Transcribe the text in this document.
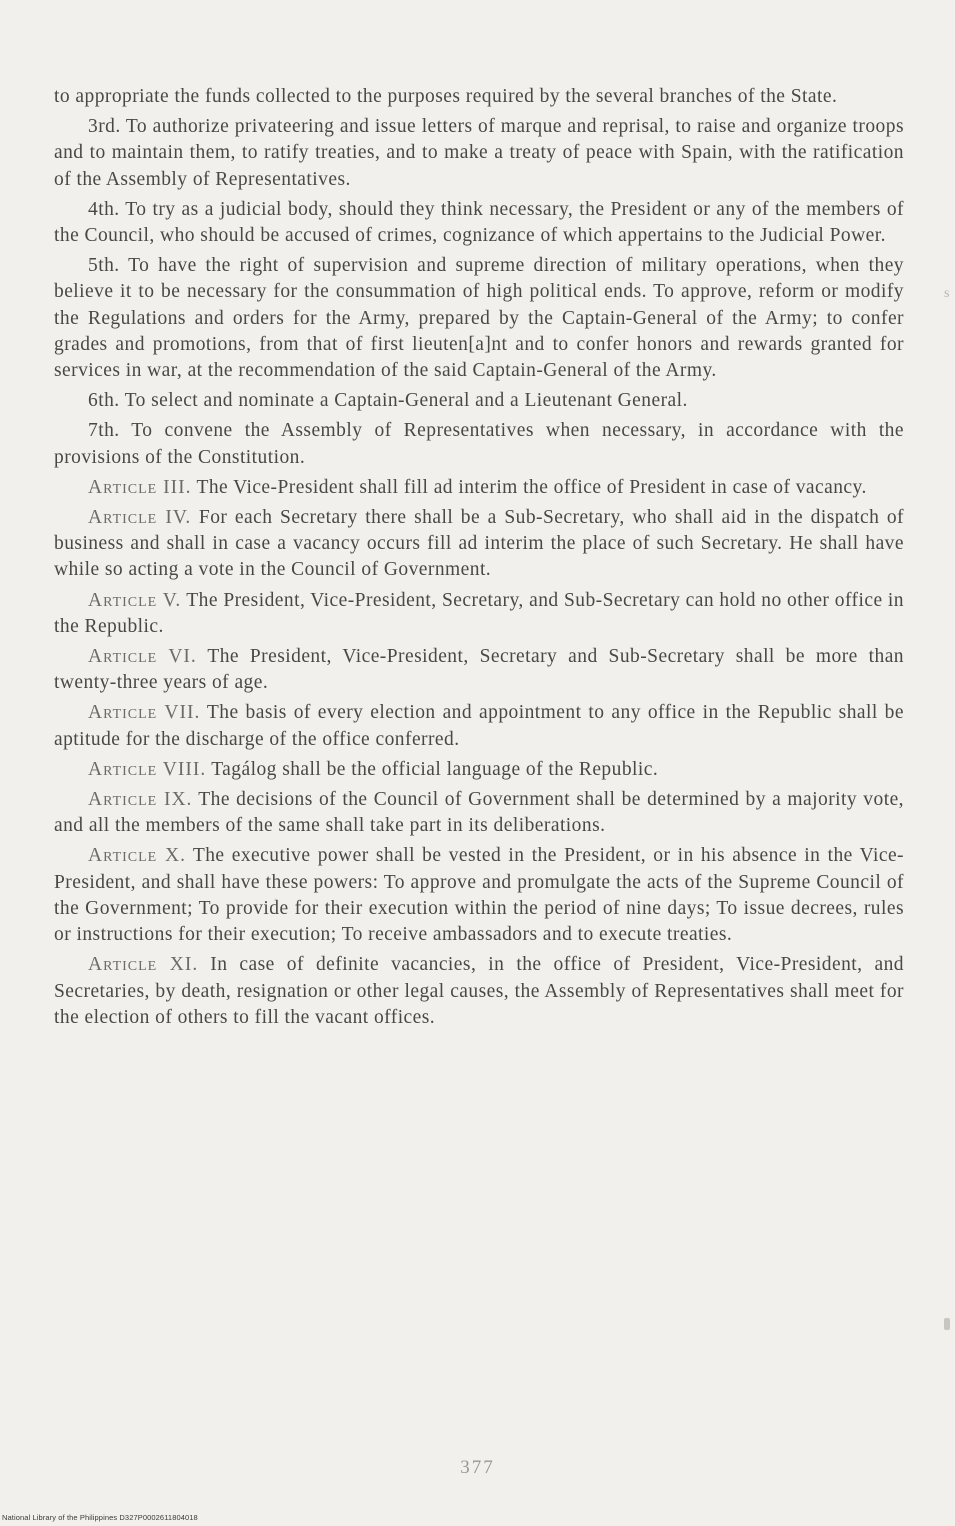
to appropriate the funds collected to the purposes required by the several branches of the State.

3rd. To authorize privateering and issue letters of marque and reprisal, to raise and organize troops and to maintain them, to ratify treaties, and to make a treaty of peace with Spain, with the ratification of the Assembly of Representatives.

4th. To try as a judicial body, should they think necessary, the President or any of the members of the Council, who should be accused of crimes, cognizance of which appertains to the Judicial Power.

5th. To have the right of supervision and supreme direction of military operations, when they believe it to be necessary for the consummation of high political ends. To approve, reform or modify the Regulations and orders for the Army, prepared by the Captain-General of the Army; to confer grades and promotions, from that of first lieuten[a]nt and to confer honors and rewards granted for services in war, at the recommendation of the said Captain-General of the Army.

6th. To select and nominate a Captain-General and a Lieutenant General.

7th. To convene the Assembly of Representatives when necessary, in accordance with the provisions of the Constitution.

Article III. The Vice-President shall fill ad interim the office of President in case of vacancy.

Article IV. For each Secretary there shall be a Sub-Secretary, who shall aid in the dispatch of business and shall in case a vacancy occurs fill ad interim the place of such Secretary. He shall have while so acting a vote in the Council of Government.

Article V. The President, Vice-President, Secretary, and Sub-Secretary can hold no other office in the Republic.

Article VI. The President, Vice-President, Secretary and Sub-Secretary shall be more than twenty-three years of age.

Article VII. The basis of every election and appointment to any office in the Republic shall be aptitude for the discharge of the office conferred.

Article VIII. Tagálog shall be the official language of the Republic.

Article IX. The decisions of the Council of Government shall be determined by a majority vote, and all the members of the same shall take part in its deliberations.

Article X. The executive power shall be vested in the President, or in his absence in the Vice-President, and shall have these powers: To approve and promulgate the acts of the Supreme Council of the Government; To provide for their execution within the period of nine days; To issue decrees, rules or instructions for their execution; To receive ambassadors and to execute treaties.

Article XI. In case of definite vacancies, in the office of President, Vice-President, and Secretaries, by death, resignation or other legal causes, the Assembly of Representatives shall meet for the election of others to fill the vacant offices.

377
s
National Library of the Philippines D327P0002611804018
